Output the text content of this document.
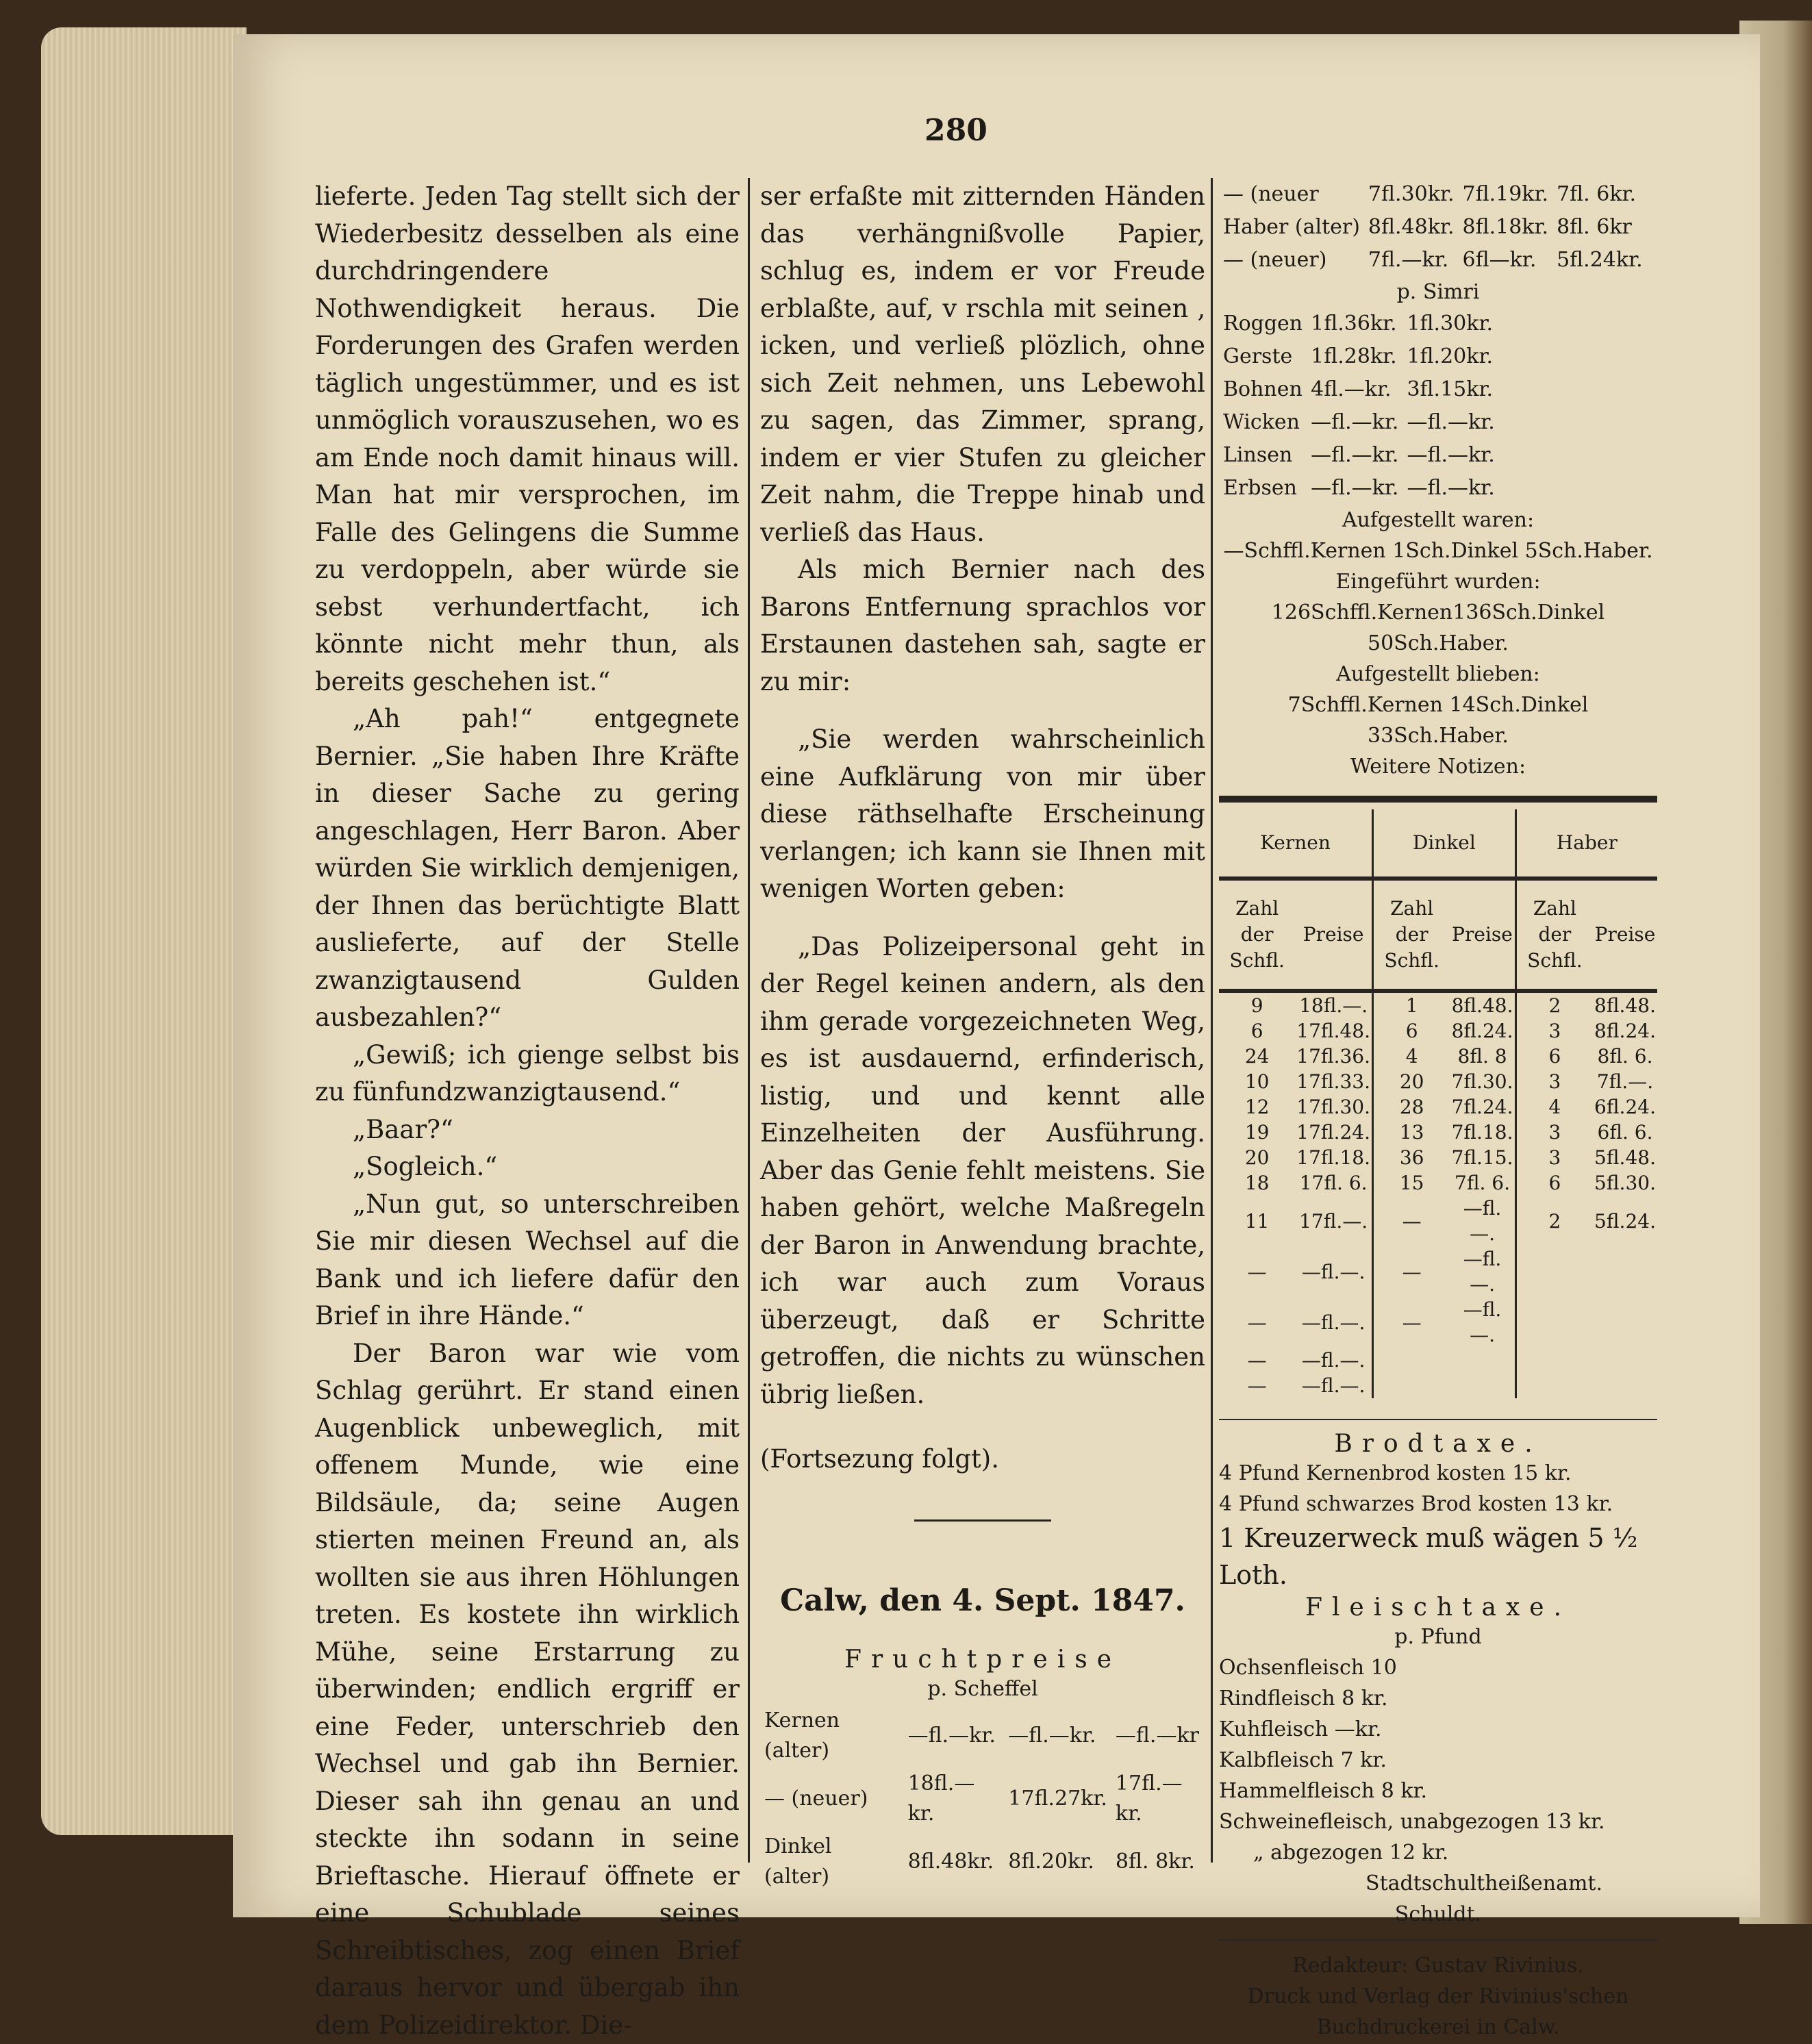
280

lieferte. Jeden Tag stellt sich der Wiederbesitz desselben als eine durchdringendere Nothwendigkeit heraus. Die Forderungen des Grafen werden täglich ungestümmer, und es ist unmöglich vorauszusehen, wo es am Ende noch damit hinaus will. Man hat mir versprochen, im Falle des Gelingens die Summe zu verdoppeln, aber würde sie sebst verhundertfacht, ich könnte nicht mehr thun, als bereits geschehen ist.“

„Ah pah!“ entgegnete Bernier. „Sie haben Ihre Kräfte in dieser Sache zu gering angeschlagen, Herr Baron. Aber würden Sie wirklich demjenigen, der Ihnen das berüchtigte Blatt auslieferte, auf der Stelle zwanzigtausend Gulden ausbezahlen?“

„Gewiß; ich gienge selbst bis zu fünfundzwanzigtausend.“

„Baar?“

„Sogleich.“

„Nun gut, so unterschreiben Sie mir diesen Wechsel auf die Bank und ich liefere dafür den Brief in ihre Hände.“

Der Baron war wie vom Schlag gerührt. Er stand einen Augenblick unbeweglich, mit offenem Munde, wie eine Bildsäule, da; seine Augen stierten meinen Freund an, als wollten sie aus ihren Höhlungen treten. Es kostete ihn wirklich Mühe, seine Erstarrung zu überwinden; endlich ergriff er eine Feder, unterschrieb den Wechsel und gab ihn Bernier. Dieser sah ihn genau an und steckte ihn sodann in seine Brieftasche. Hierauf öffnete er eine Schublade seines Schreibtisches, zog einen Brief daraus hervor und übergab ihn dem Polizeidirektor. Die-

ser erfaßte mit zitternden Händen das verhängnißvolle Papier, schlug es, indem er vor Freude erblaßte, auf, v rschla mit seinen ‚ icken, und verließ plözlich, ohne sich Zeit nehmen, uns Lebewohl zu sagen, das Zimmer, sprang, indem er vier Stufen zu gleicher Zeit nahm, die Treppe hinab und verließ das Haus.

Als mich Bernier nach des Barons Entfernung sprachlos vor Erstaunen dastehen sah, sagte er zu mir:

„Sie werden wahrscheinlich eine Aufklärung von mir über diese räthselhafte Erscheinung verlangen; ich kann sie Ihnen mit wenigen Worten geben:

„Das Polizeipersonal geht in der Regel keinen andern, als den ihm gerade vorgezeichneten Weg, es ist ausdauernd, erfinderisch, listig, und und kennt alle Einzelheiten der Ausführung. Aber das Genie fehlt meistens. Sie haben gehört, welche Maßregeln der Baron in Anwendung brachte, ich war auch zum Voraus überzeugt, daß er Schritte getroffen, die nichts zu wünschen übrig ließen.

(Fortsezung folgt).

Calw, den 4. Sept. 1847.
Fruchtpreise
p. Scheffel
Kernen (alter)	—fl.—kr.	—fl.—kr.	—fl.—kr
— (neuer)	18fl.—kr.	17fl.27kr.	17fl.—kr.
Dinkel (alter)	8fl.48kr.	8fl.20kr.	8fl. 8kr.
— (neuer	7fl.30kr.	7fl.19kr.	7fl. 6kr.
Haber (alter)	8fl.48kr.	8fl.18kr.	8fl. 6kr
— (neuer)	7fl.—kr.	6fl—kr.	5fl.24kr.
p. Simri
Roggen	1fl.36kr.	1fl.30kr.
Gerste	1fl.28kr.	1fl.20kr.
Bohnen	4fl.—kr.	3fl.15kr.
Wicken	—fl.—kr.	—fl.—kr.
Linsen	—fl.—kr.	—fl.—kr.
Erbsen	—fl.—kr.	—fl.—kr.
Aufgestellt waren:
—Schffl.Kernen 1Sch.Dinkel 5Sch.Haber.
Eingeführt wurden:
126Schffl.Kernen136Sch.Dinkel 50Sch.Haber.
Aufgestellt blieben:
7Schffl.Kernen 14Sch.Dinkel 33Sch.Haber.
Weitere Notizen:
Kernen		Dinkel		Haber	
Zahl der Schfl.	Preise	Zahl der Schfl.	Preise	Zahl der Schfl.	Preise
9	18fl.—.	1	8fl.48.	2	8fl.48.
6	17fl.48.	6	8fl.24.	3	8fl.24.
24	17fl.36.	4	8fl. 8	6	8fl. 6.
10	17fl.33.	20	7fl.30.	3	7fl.—.
12	17fl.30.	28	7fl.24.	4	6fl.24.
19	17fl.24.	13	7fl.18.	3	6fl. 6.
20	17fl.18.	36	7fl.15.	3	5fl.48.
18	17fl. 6.	15	7fl. 6.	6	5fl.30.
11	17fl.—.	—	—fl.—.	2	5fl.24.
—	—fl.—.	—	—fl.—.		
—	—fl.—.	—	—fl.—.		
—	—fl.—.				
—	—fl.—.				
Brodtaxe.
4 Pfund Kernenbrod kosten 15 kr.
4 Pfund schwarzes Brod kosten 13 kr.
1 Kreuzerweck muß wägen 5 ½ Loth.
Fleischtaxe.
p. Pfund
Ochsenfleisch 10
Rindfleisch 8 kr.
Kuhfleisch —kr.
Kalbfleisch 7 kr.
Hammelfleisch 8 kr.
Schweinefleisch, unabgezogen 13 kr.
„ abgezogen 12 kr.
Stadtschultheißenamt.
Schuldt.
Redakteur: Gustav Rivinius.
Druck und Verlag der Rivinius'schen Buchdruckerei in Calw.
